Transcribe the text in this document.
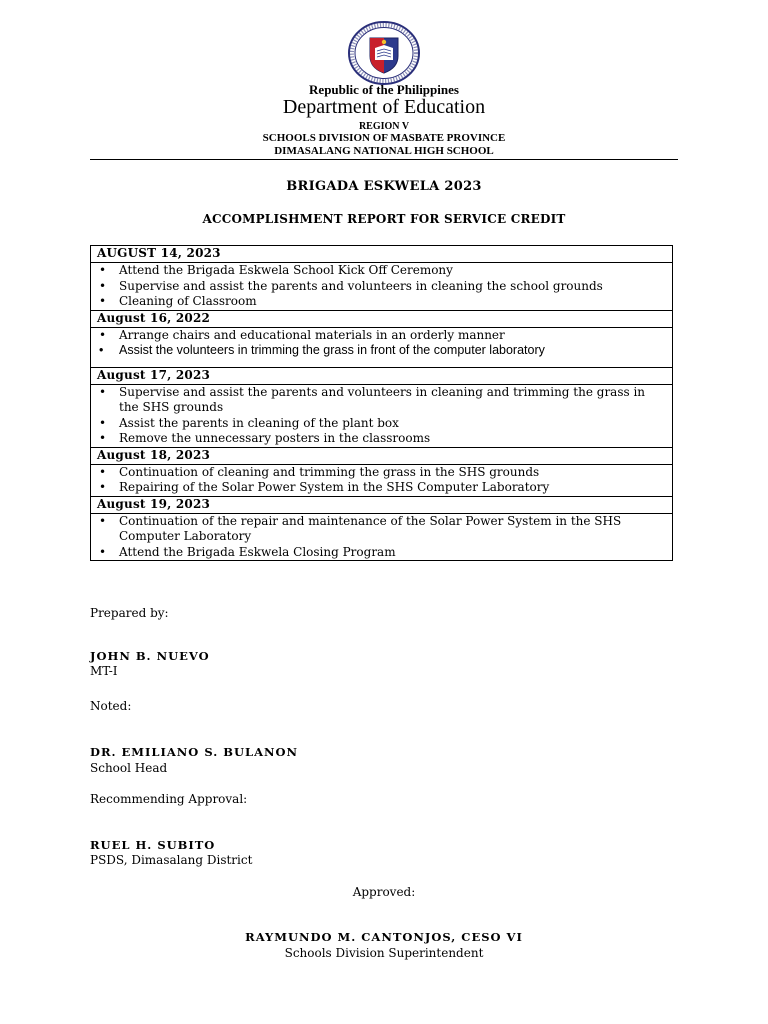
Republic of the Philippines
Department of Education
REGION V
SCHOOLS DIVISION OF MASBATE PROVINCE
DIMASALANG NATIONAL HIGH SCHOOL
BRIGADA ESKWELA 2023
ACCOMPLISHMENT REPORT FOR SERVICE CREDIT
AUGUST 14, 2023

• Attend the Brigada Eskwela School Kick Off Ceremony
• Supervise and assist the parents and volunteers in cleaning the school grounds
• Cleaning of Classroom

August 16, 2022

• Arrange chairs and educational materials in an orderly manner
• Assist the volunteers in trimming the grass in front of the computer laboratory

August 17, 2023

• Supervise and assist the parents and volunteers in cleaning and trimming the grass in the SHS grounds
• Assist the parents in cleaning of the plant box
• Remove the unnecessary posters in the classrooms

August 18, 2023

• Continuation of cleaning and trimming the grass in the SHS grounds
• Repairing of the Solar Power System in the SHS Computer Laboratory

August 19, 2023

• Continuation of the repair and maintenance of the Solar Power System in the SHS Computer Laboratory
• Attend the Brigada Eskwela Closing Program
Prepared by:
JOHN B. NUEVO
MT-I
Noted:
DR. EMILIANO S. BULANON
School Head
Recommending Approval:
RUEL H. SUBITO
PSDS, Dimasalang District
Approved:
RAYMUNDO M. CANTONJOS, CESO VI
Schools Division Superintendent
